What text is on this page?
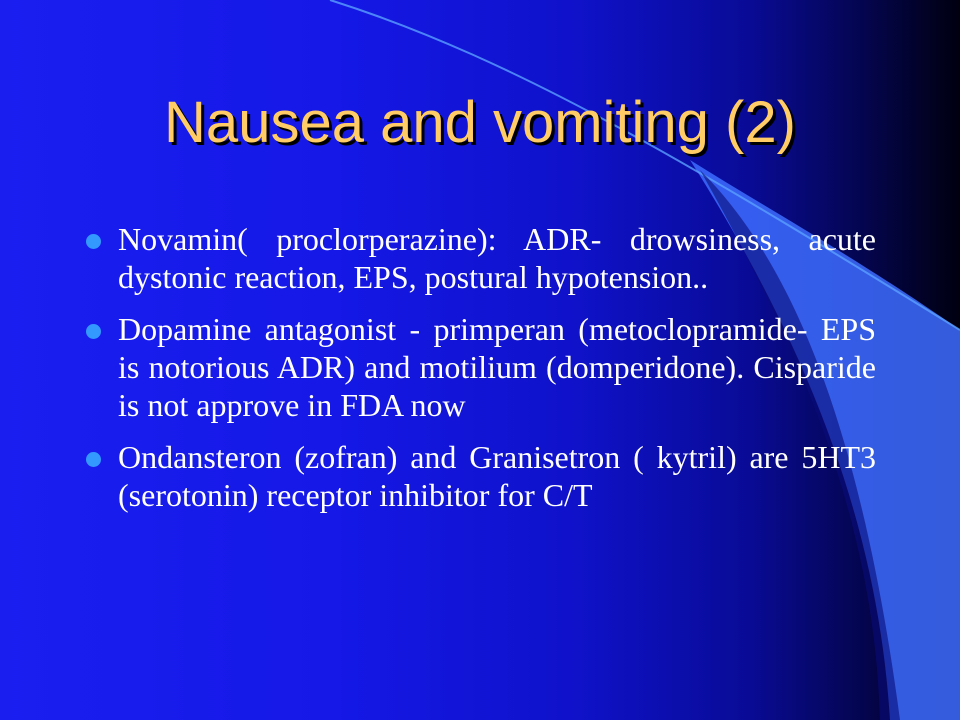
Nausea and vomiting (2)
Novamin( proclorperazine): ADR- drowsiness, acute dystonic reaction, EPS, postural hypotension..
Dopamine antagonist - primperan (metoclopramide- EPS is notorious ADR) and motilium (domperidone). Cisparide is not approve in FDA now
Ondansteron (zofran) and Granisetron ( kytril) are 5HT3 (serotonin) receptor inhibitor for C/T
